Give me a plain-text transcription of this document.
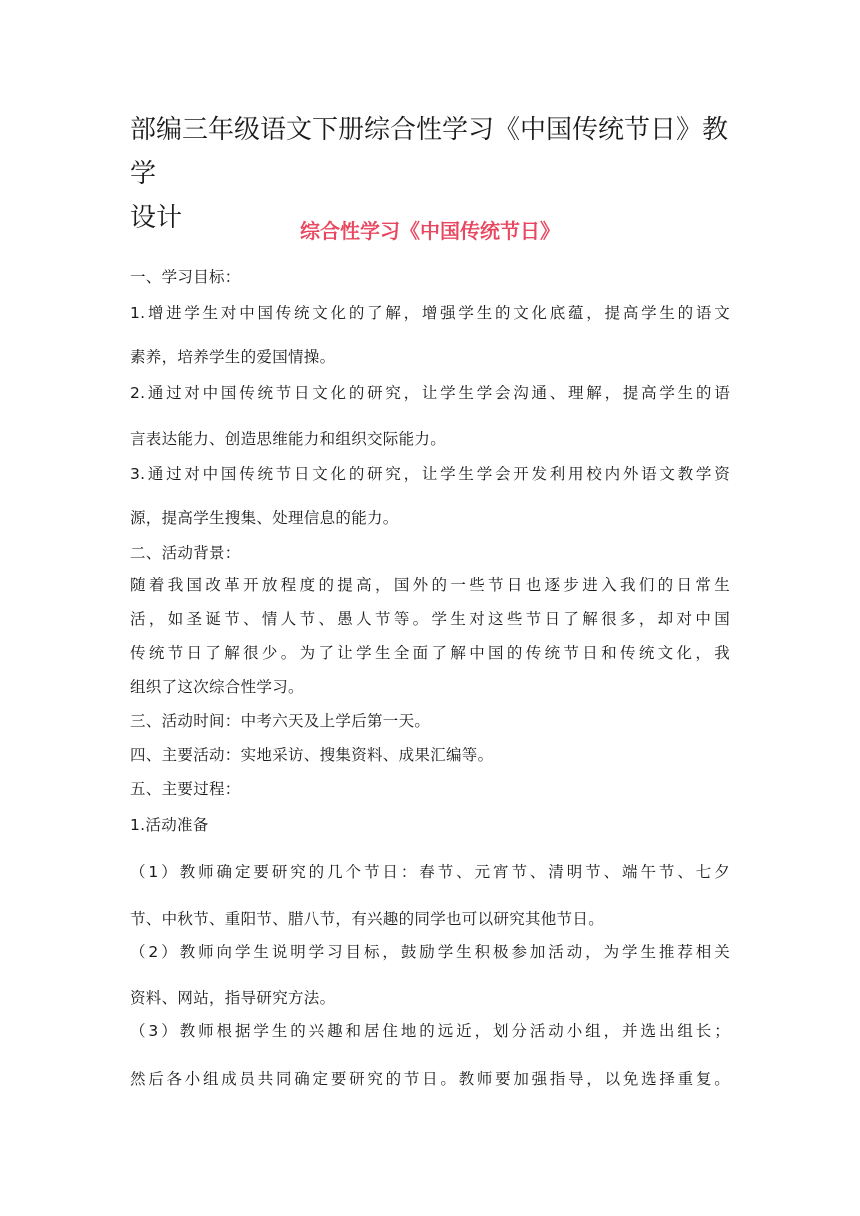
部编三年级语文下册综合性学习《中国传统节日》教学
设计	综合性学习《中国传统节日》

一、学习目标：

1.增进学生对中国传统文化的了解，增强学生的文化底蕴，提高学生的语文

素养，培养学生的爱国情操。

2.通过对中国传统节日文化的研究，让学生学会沟通、理解，提高学生的语

言表达能力、创造思维能力和组织交际能力。

3.通过对中国传统节日文化的研究，让学生学会开发利用校内外语文教学资

源，提高学生搜集、处理信息的能力。

二、活动背景：

随着我国改革开放程度的提高，国外的一些节日也逐步进入我们的日常生

活，如圣诞节、情人节、愚人节等。学生对这些节日了解很多，却对中国

传统节日了解很少。为了让学生全面了解中国的传统节日和传统文化，我

组织了这次综合性学习。

三、活动时间：中考六天及上学后第一天。

四、主要活动：实地采访、搜集资料、成果汇编等。

五、主要过程：

1.活动准备

（1）教师确定要研究的几个节日：春节、元宵节、清明节、端午节、七夕

节、中秋节、重阳节、腊八节，有兴趣的同学也可以研究其他节日。

（2）教师向学生说明学习目标，鼓励学生积极参加活动，为学生推荐相关

资料、网站，指导研究方法。

（3）教师根据学生的兴趣和居住地的远近，划分活动小组，并选出组长；

然后各小组成员共同确定要研究的节日。教师要加强指导，以免选择重复。
